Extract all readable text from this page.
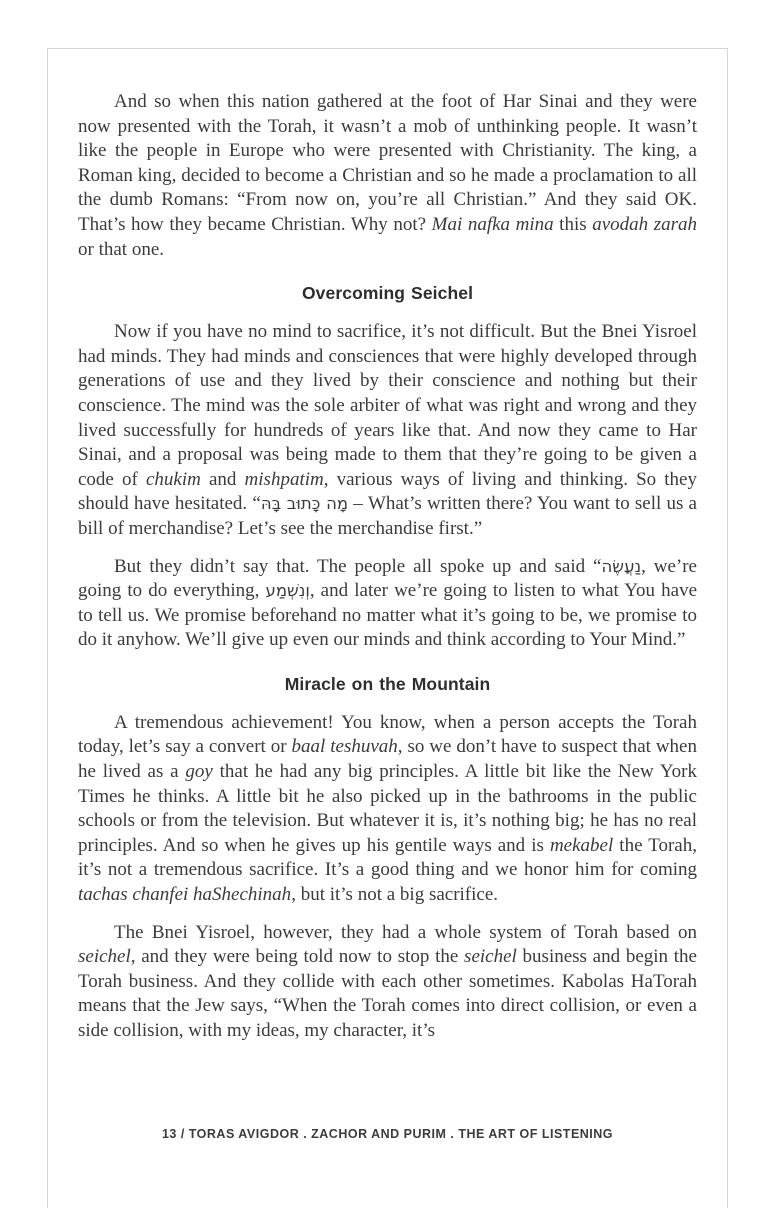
And so when this nation gathered at the foot of Har Sinai and they were now presented with the Torah, it wasn’t a mob of unthinking people. It wasn’t like the people in Europe who were presented with Christianity. The king, a Roman king, decided to become a Christian and so he made a proclamation to all the dumb Romans: “From now on, you’re all Christian.” And they said OK. That’s how they became Christian. Why not? Mai nafka mina this avodah zarah or that one.

Overcoming Seichel

Now if you have no mind to sacrifice, it’s not difficult. But the Bnei Yisroel had minds. They had minds and consciences that were highly developed through generations of use and they lived by their conscience and nothing but their conscience. The mind was the sole arbiter of what was right and wrong and they lived successfully for hundreds of years like that. And now they came to Har Sinai, and a proposal was being made to them that they’re going to be given a code of chukim and mishpatim, various ways of living and thinking. So they should have hesitated. “מָה כָּתוּב בָּהּ – What’s written there? You want to sell us a bill of merchandise? Let’s see the merchandise first.”

But they didn’t say that. The people all spoke up and said “נַעֲשֶׂה, we’re going to do everything, וְנִשְׁמַע, and later we’re going to listen to what You have to tell us. We promise beforehand no matter what it’s going to be, we promise to do it anyhow. We’ll give up even our minds and think according to Your Mind.”

Miracle on the Mountain

A tremendous achievement! You know, when a person accepts the Torah today, let’s say a convert or baal teshuvah, so we don’t have to suspect that when he lived as a goy that he had any big principles. A little bit like the New York Times he thinks. A little bit he also picked up in the bathrooms in the public schools or from the television. But whatever it is, it’s nothing big; he has no real principles. And so when he gives up his gentile ways and is mekabel the Torah, it’s not a tremendous sacrifice. It’s a good thing and we honor him for coming tachas chanfei haShechinah, but it’s not a big sacrifice.

The Bnei Yisroel, however, they had a whole system of Torah based on seichel, and they were being told now to stop the seichel business and begin the Torah business. And they collide with each other sometimes. Kabolas HaTorah means that the Jew says, “When the Torah comes into direct collision, or even a side collision, with my ideas, my character, it’s

13 / TORAS AVIGDOR . ZACHOR AND PURIM . THE ART OF LISTENING
